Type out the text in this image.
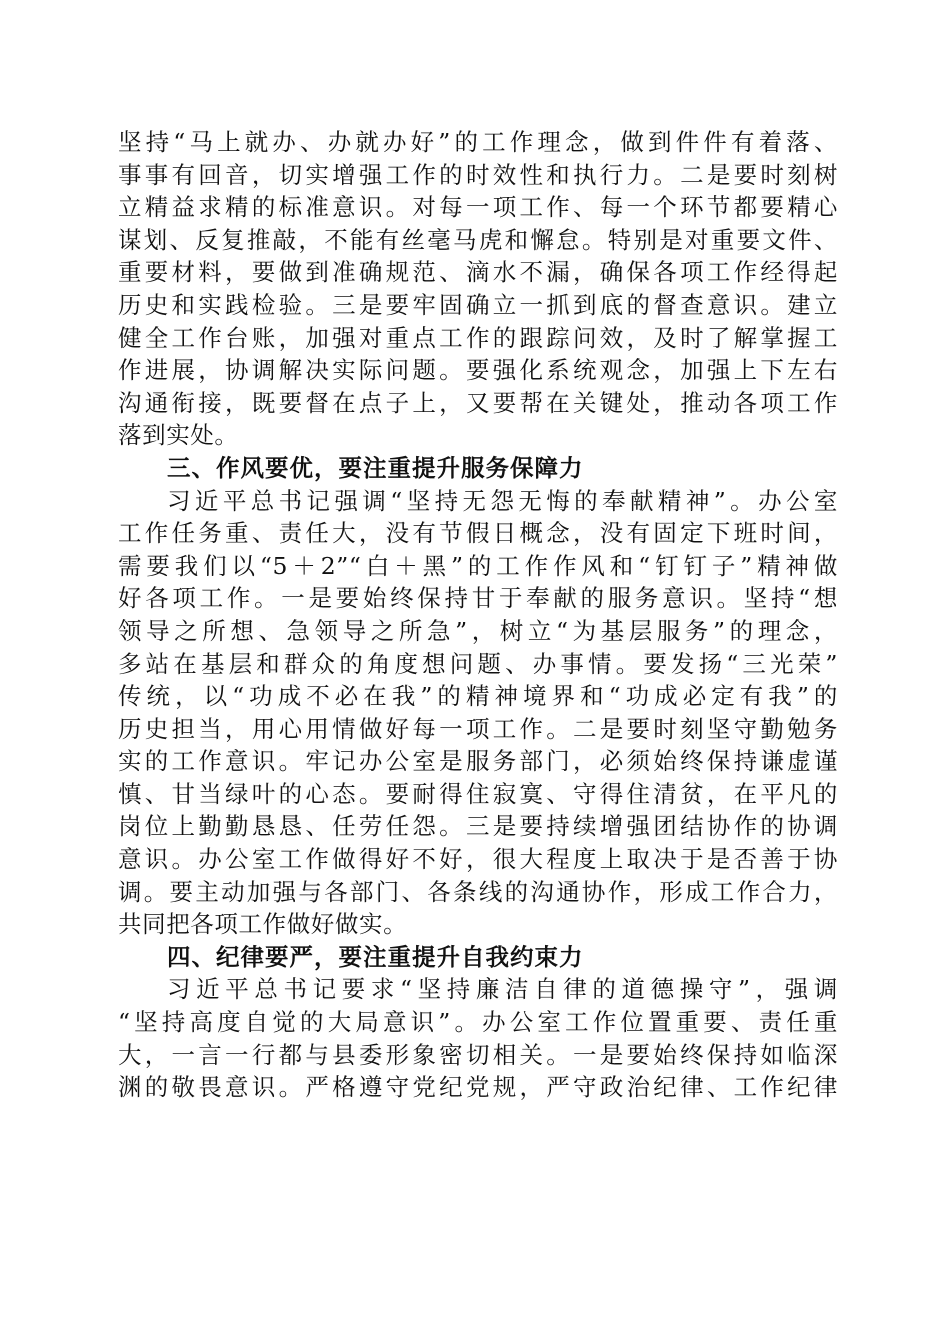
坚持“马上就办、办就办好”的工作理念，做到件件有着落、
事事有回音，切实增强工作的时效性和执行力。二是要时刻树
立精益求精的标准意识。对每一项工作、每一个环节都要精心
谋划、反复推敲，不能有丝毫马虎和懈怠。特别是对重要文件、
重要材料，要做到准确规范、滴水不漏，确保各项工作经得起
历史和实践检验。三是要牢固确立一抓到底的督查意识。建立
健全工作台账，加强对重点工作的跟踪问效，及时了解掌握工
作进展，协调解决实际问题。要强化系统观念，加强上下左右
沟通衔接，既要督在点子上，又要帮在关键处，推动各项工作
落到实处。
三、作风要优，要注重提升服务保障力
习近平总书记强调“坚持无怨无悔的奉献精神”。办公室
工作任务重、责任大，没有节假日概念，没有固定下班时间，
需要我们以“5＋2”“白＋黑”的工作作风和“钉钉子”精神做
好各项工作。一是要始终保持甘于奉献的服务意识。坚持“想
领导之所想、急领导之所急”，树立“为基层服务”的理念，
多站在基层和群众的角度想问题、办事情。要发扬“三光荣”
传统，以“功成不必在我”的精神境界和“功成必定有我”的
历史担当，用心用情做好每一项工作。二是要时刻坚守勤勉务
实的工作意识。牢记办公室是服务部门，必须始终保持谦虚谨
慎、甘当绿叶的心态。要耐得住寂寞、守得住清贫，在平凡的
岗位上勤勤恳恳、任劳任怨。三是要持续增强团结协作的协调
意识。办公室工作做得好不好，很大程度上取决于是否善于协
调。要主动加强与各部门、各条线的沟通协作，形成工作合力，
共同把各项工作做好做实。
四、纪律要严，要注重提升自我约束力
习近平总书记要求“坚持廉洁自律的道德操守”，强调
“坚持高度自觉的大局意识”。办公室工作位置重要、责任重
大，一言一行都与县委形象密切相关。一是要始终保持如临深
渊的敬畏意识。严格遵守党纪党规，严守政治纪律、工作纪律
